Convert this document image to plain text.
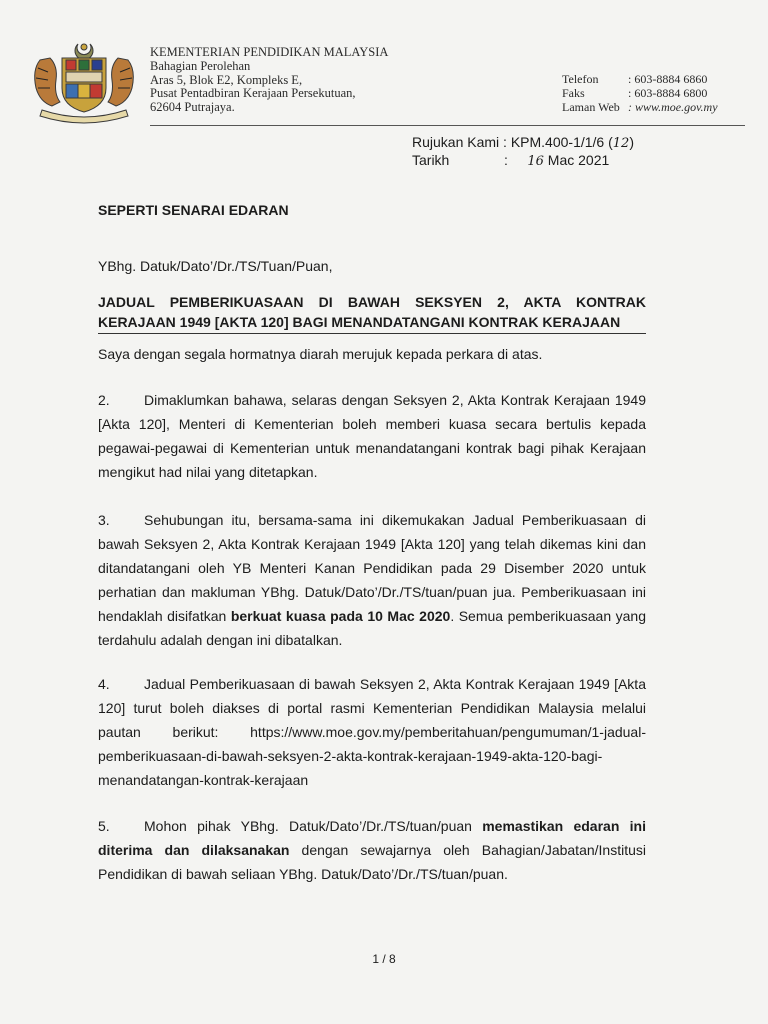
KEMENTERIAN PENDIDIKAN MALAYSIA
Bahagian Perolehan
Aras 5, Blok E2, Kompleks E,
Pusat Pentadbiran Kerajaan Persekutuan,
62604 Putrajaya.
Telefon : 603-8884 6860
Faks	: 603-8884 6800
Laman Web : www.moe.gov.my
Rujukan Kami : KPM.400-1/1/6 (12)
Tarikh	: 16 Mac 2021
SEPERTI SENARAI EDARAN
YBhg. Datuk/Dato’/Dr./TS/Tuan/Puan,
JADUAL PEMBERIKUASAAN DI BAWAH SEKSYEN 2, AKTA KONTRAK KERAJAAN 1949 [AKTA 120] BAGI MENANDATANGANI KONTRAK KERAJAAN
Saya dengan segala hormatnya diarah merujuk kepada perkara di atas.
2. Dimaklumkan bahawa, selaras dengan Seksyen 2, Akta Kontrak Kerajaan 1949 [Akta 120], Menteri di Kementerian boleh memberi kuasa secara bertulis kepada pegawai-pegawai di Kementerian untuk menandatangani kontrak bagi pihak Kerajaan mengikut had nilai yang ditetapkan.
3. Sehubungan itu, bersama-sama ini dikemukakan Jadual Pemberikuasaan di bawah Seksyen 2, Akta Kontrak Kerajaan 1949 [Akta 120] yang telah dikemas kini dan ditandatangani oleh YB Menteri Kanan Pendidikan pada 29 Disember 2020 untuk perhatian dan makluman YBhg. Datuk/Dato’/Dr./TS/tuan/puan jua. Pemberikuasaan ini hendaklah disifatkan berkuat kuasa pada 10 Mac 2020. Semua pemberikuasaan yang terdahulu adalah dengan ini dibatalkan.
4. Jadual Pemberikuasaan di bawah Seksyen 2, Akta Kontrak Kerajaan 1949 [Akta 120] turut boleh diakses di portal rasmi Kementerian Pendidikan Malaysia melalui pautan berikut: https://www.moe.gov.my/pemberitahuan/pengumuman/1-jadual-pemberikuasaan-di-bawah-seksyen-2-akta-kontrak-kerajaan-1949-akta-120-bagi-menandatangan-kontrak-kerajaan
5. Mohon pihak YBhg. Datuk/Dato’/Dr./TS/tuan/puan memastikan edaran ini diterima dan dilaksanakan dengan sewajarnya oleh Bahagian/Jabatan/Institusi Pendidikan di bawah seliaan YBhg. Datuk/Dato’/Dr./TS/tuan/puan.
1 / 8
